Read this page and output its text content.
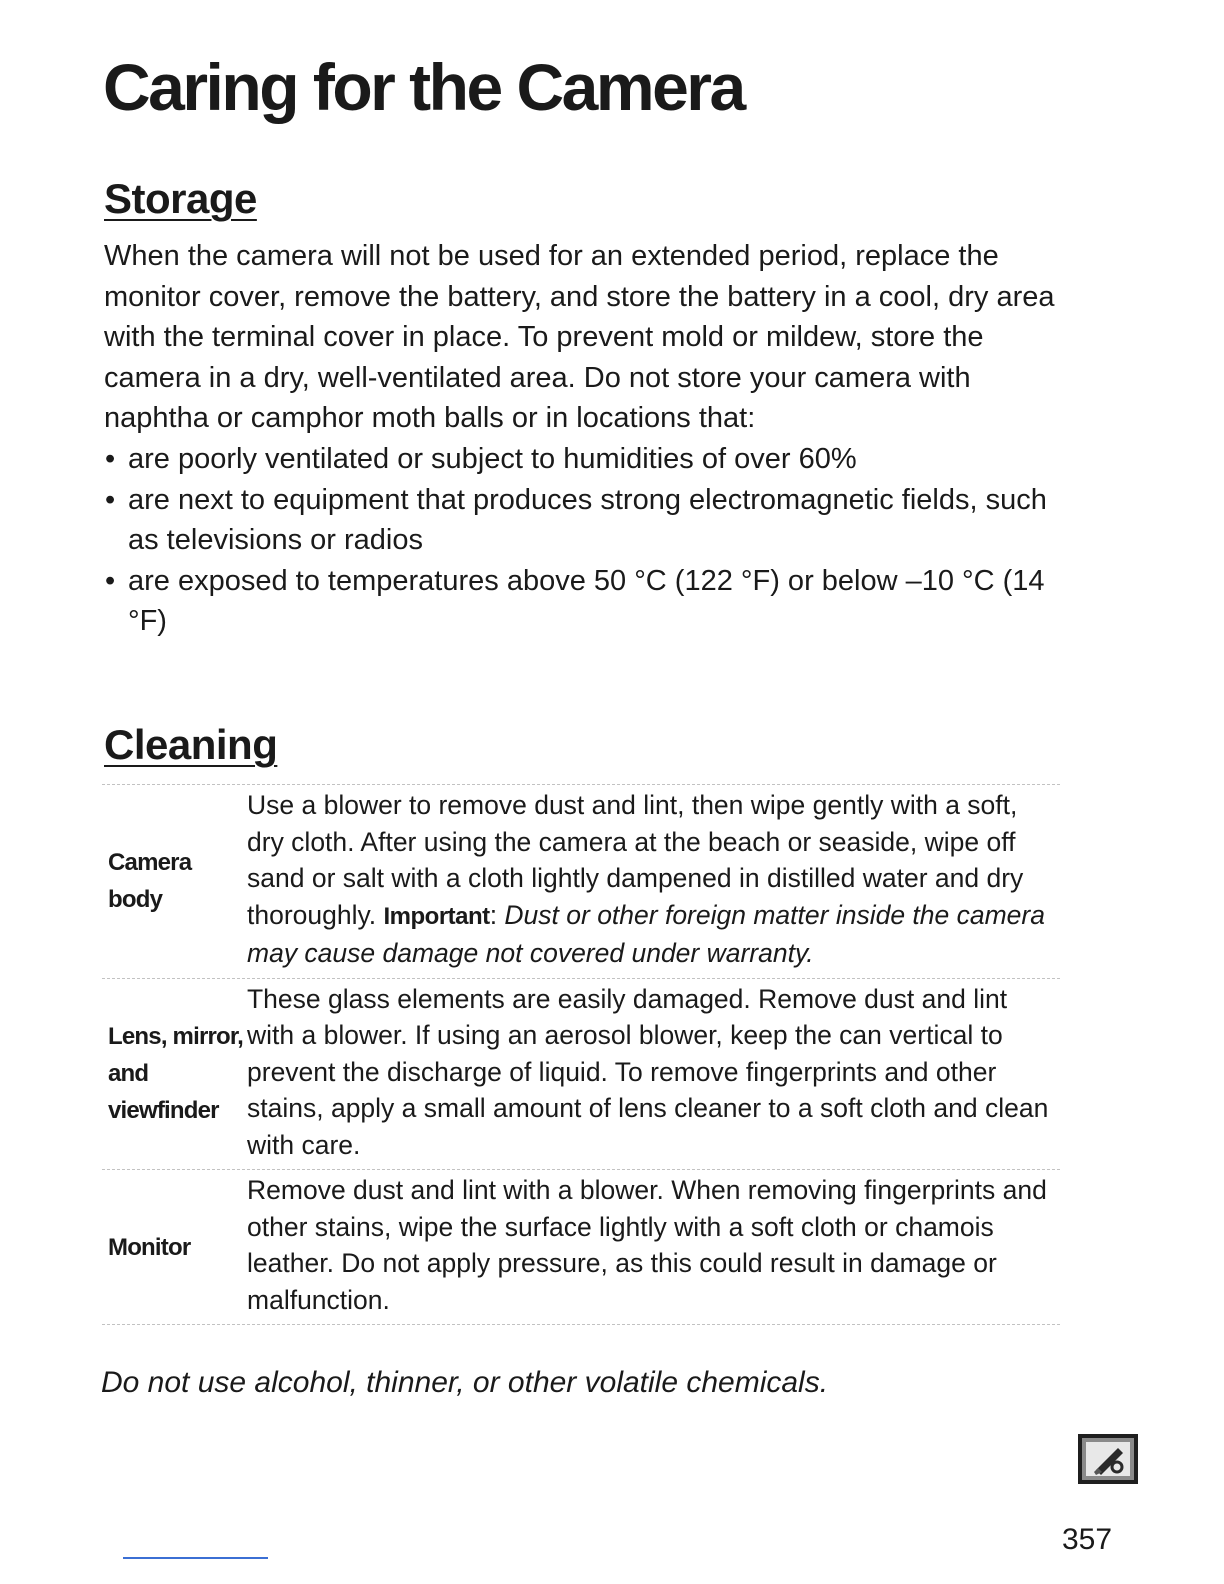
Caring for the Camera
Storage

When the camera will not be used for an extended period, replace the monitor cover, remove the battery, and store the battery in a cool, dry area with the terminal cover in place. To prevent mold or mildew, store the camera in a dry, well-ventilated area. Do not store your camera with naphtha or camphor moth balls or in locations that:

• are poorly ventilated or subject to humidities of over 60%
• are next to equipment that produces strong electromagnetic fields, such as televisions or radios
• are exposed to temperatures above 50 °C (122 °F) or below –10 °C (14 °F)
Cleaning
Camera body
Use a blower to remove dust and lint, then wipe gently with a soft, dry cloth. After using the camera at the beach or seaside, wipe off sand or salt with a cloth lightly dampened in distilled water and dry thoroughly. Important: Dust or other foreign matter inside the camera may cause damage not covered under warranty.
Lens, mirror, and viewfinder
These glass elements are easily damaged. Remove dust and lint with a blower. If using an aerosol blower, keep the can vertical to prevent the discharge of liquid. To remove fingerprints and other stains, apply a small amount of lens cleaner to a soft cloth and clean with care.
Monitor
Remove dust and lint with a blower. When removing fingerprints and other stains, wipe the surface lightly with a soft cloth or chamois leather. Do not apply pressure, as this could result in damage or malfunction.

Do not use alcohol, thinner, or other volatile chemicals.

357
